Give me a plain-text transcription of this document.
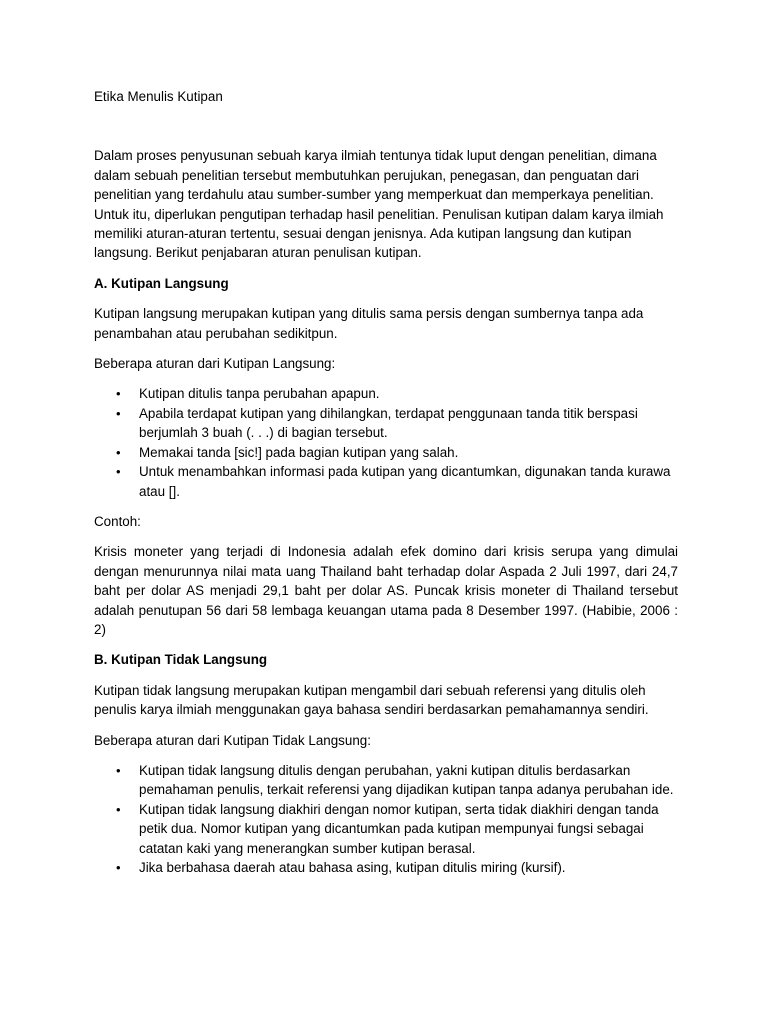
Etika Menulis Kutipan

Dalam proses penyusunan sebuah karya ilmiah tentunya tidak luput dengan penelitian, dimana dalam sebuah penelitian tersebut membutuhkan perujukan, penegasan, dan penguatan dari penelitian yang terdahulu atau sumber-sumber yang memperkuat dan memperkaya penelitian. Untuk itu, diperlukan pengutipan terhadap hasil penelitian. Penulisan kutipan dalam karya ilmiah memiliki aturan-aturan tertentu, sesuai dengan jenisnya. Ada kutipan langsung dan kutipan langsung. Berikut penjabaran aturan penulisan kutipan.

A. Kutipan Langsung

Kutipan langsung merupakan kutipan yang ditulis sama persis dengan sumbernya tanpa ada penambahan atau perubahan sedikitpun.

Beberapa aturan dari Kutipan Langsung:

• Kutipan ditulis tanpa perubahan apapun.
• Apabila terdapat kutipan yang dihilangkan, terdapat penggunaan tanda titik berspasi berjumlah 3 buah (. . .) di bagian tersebut.
• Memakai tanda [sic!] pada bagian kutipan yang salah.
• Untuk menambahkan informasi pada kutipan yang dicantumkan, digunakan tanda kurawa atau [].

Contoh:

Krisis moneter yang terjadi di Indonesia adalah efek domino dari krisis serupa yang dimulai dengan menurunnya nilai mata uang Thailand baht terhadap dolar Aspada 2 Juli 1997, dari 24,7 baht per dolar AS menjadi 29,1 baht per dolar AS. Puncak krisis moneter di Thailand tersebut adalah penutupan 56 dari 58 lembaga keuangan utama pada 8 Desember 1997. (Habibie, 2006 : 2)

B. Kutipan Tidak Langsung

Kutipan tidak langsung merupakan kutipan mengambil dari sebuah referensi yang ditulis oleh penulis karya ilmiah menggunakan gaya bahasa sendiri berdasarkan pemahamannya sendiri.

Beberapa aturan dari Kutipan Tidak Langsung:

• Kutipan tidak langsung ditulis dengan perubahan, yakni kutipan ditulis berdasarkan pemahaman penulis, terkait referensi yang dijadikan kutipan tanpa adanya perubahan ide.
• Kutipan tidak langsung diakhiri dengan nomor kutipan, serta tidak diakhiri dengan tanda petik dua. Nomor kutipan yang dicantumkan pada kutipan mempunyai fungsi sebagai catatan kaki yang menerangkan sumber kutipan berasal.
• Jika berbahasa daerah atau bahasa asing, kutipan ditulis miring (kursif).
